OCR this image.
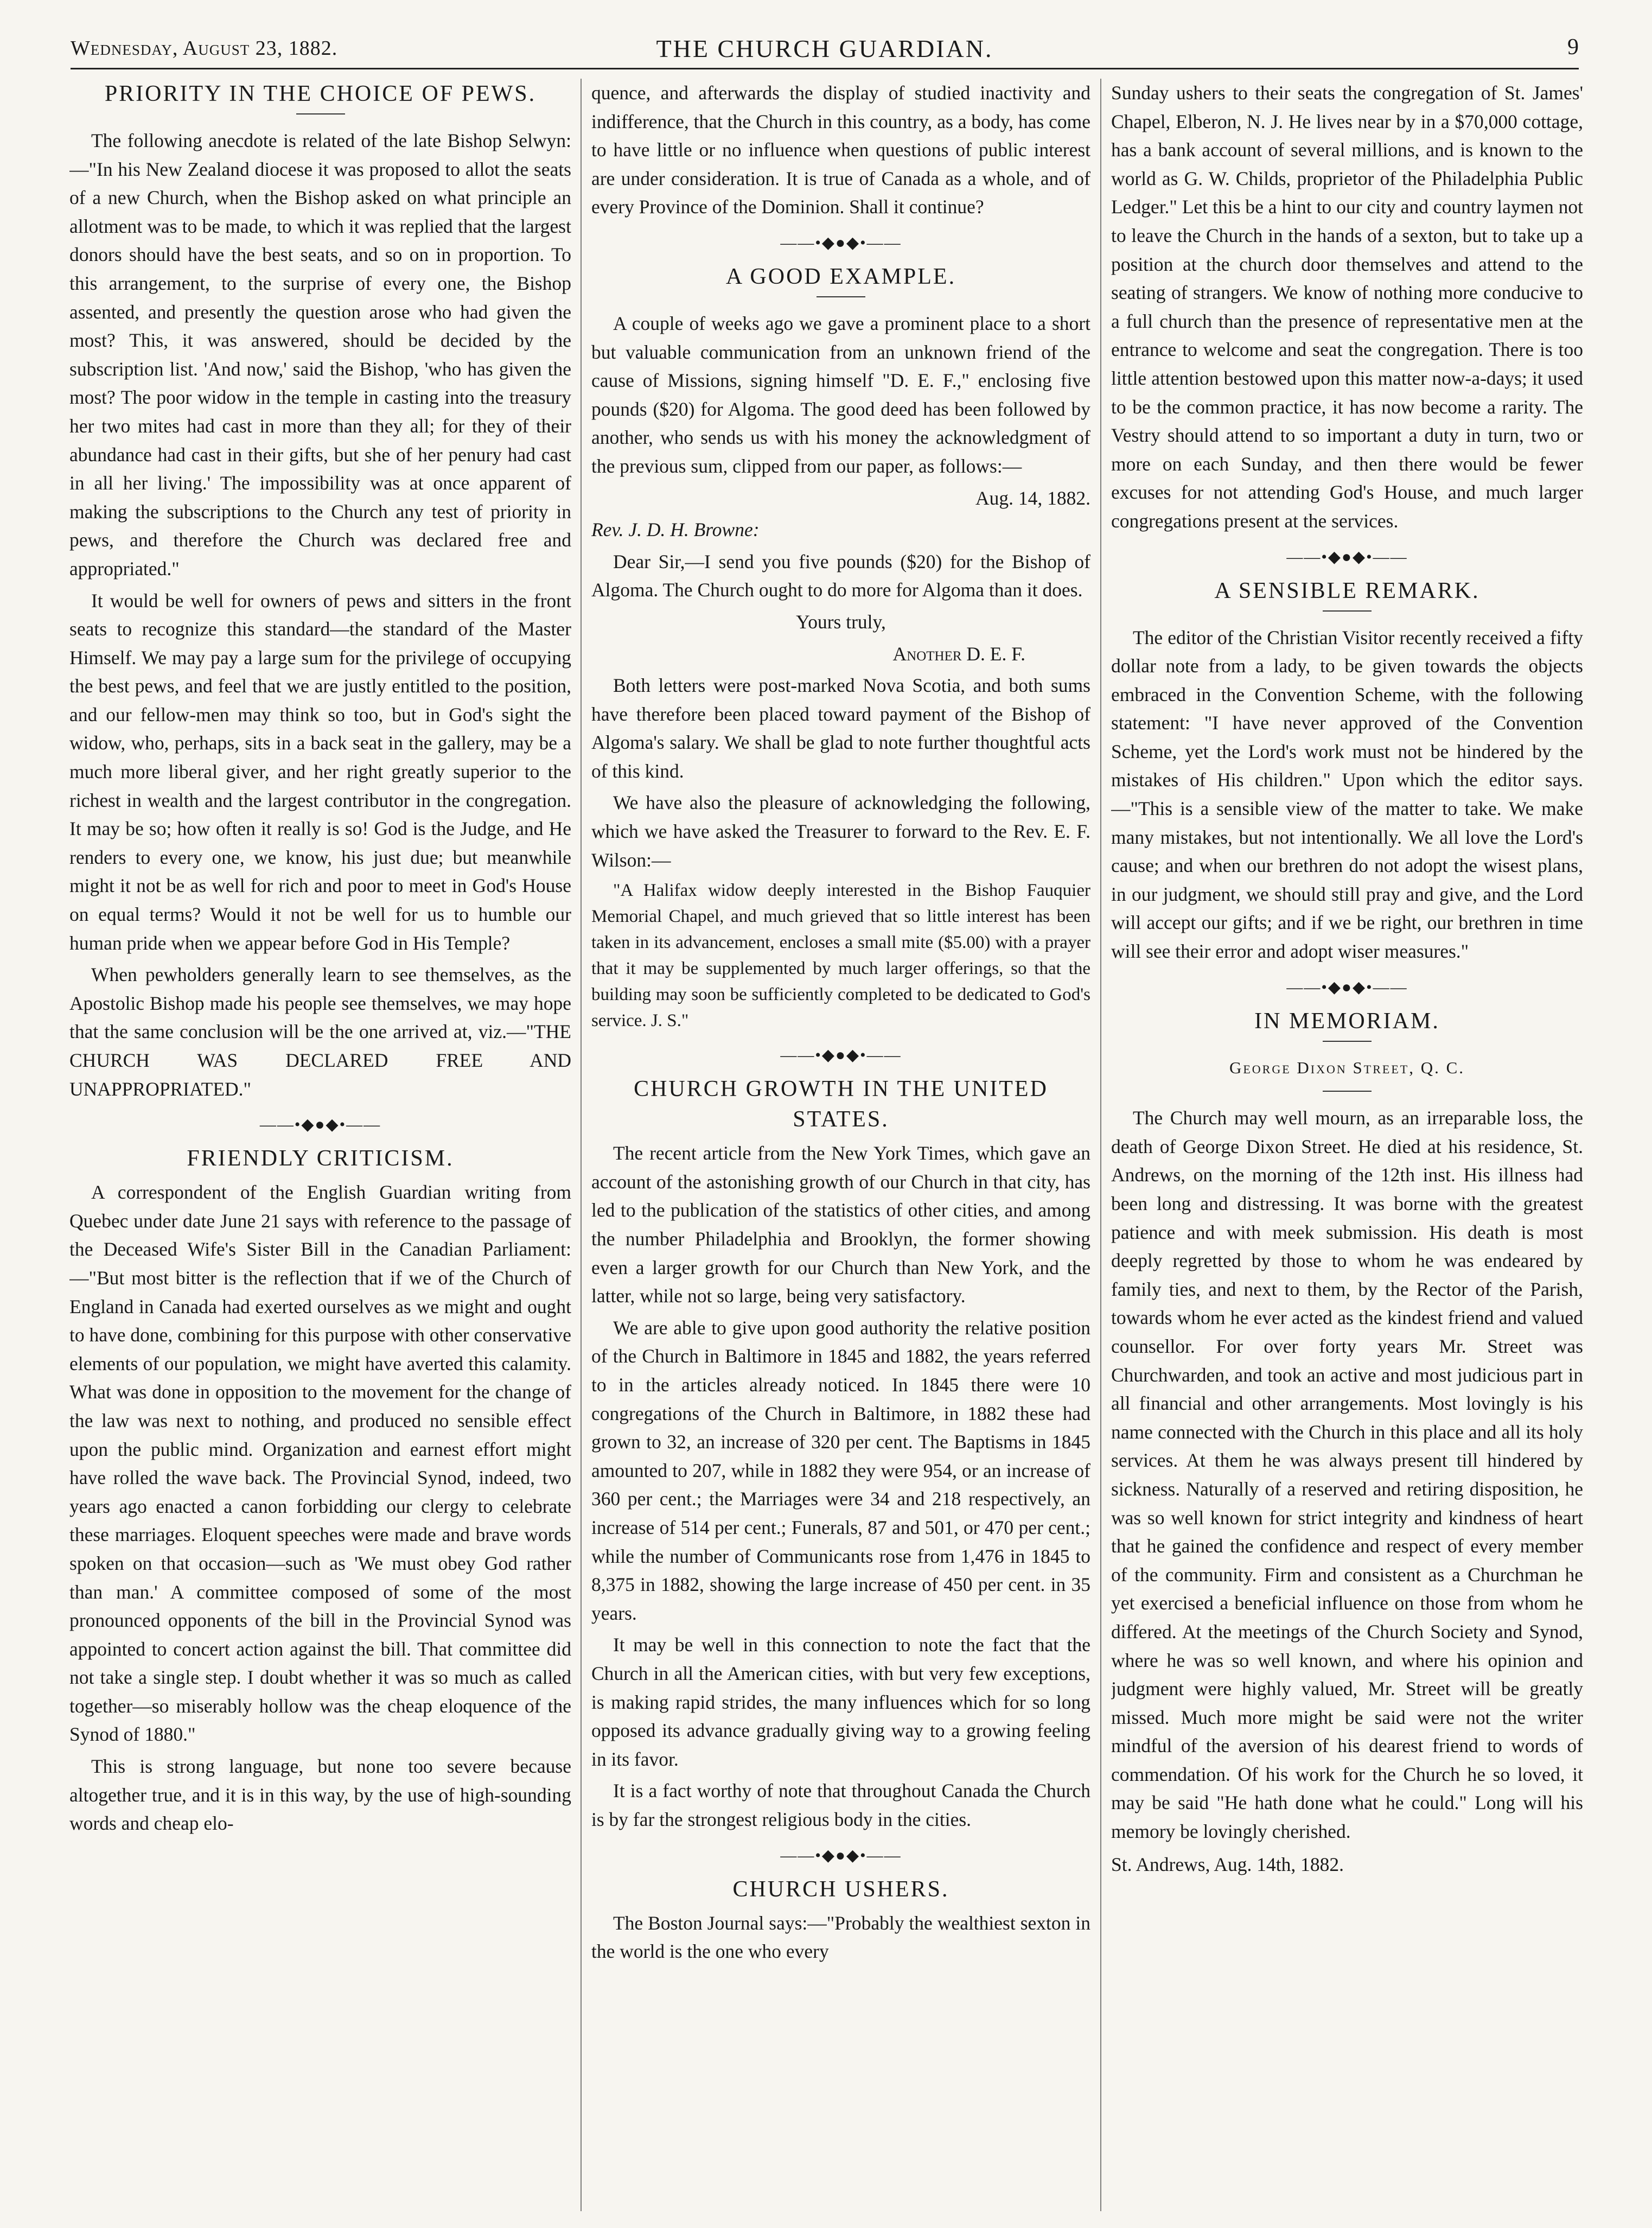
Wednesday, August 23, 1882.	THE CHURCH GUARDIAN.	9
PRIORITY IN THE CHOICE OF PEWS.

The following anecdote is related of the late Bishop Selwyn:—"In his New Zealand diocese it was proposed to allot the seats of a new Church, when the Bishop asked on what principle an allotment was to be made, to which it was replied that the largest donors should have the best seats, and so on in proportion. To this arrangement, to the surprise of every one, the Bishop assented, and presently the question arose who had given the most? This, it was answered, should be decided by the subscription list. 'And now,' said the Bishop, 'who has given the most? The poor widow in the temple in casting into the treasury her two mites had cast in more than they all; for they of their abundance had cast in their gifts, but she of her penury had cast in all her living.' The impossibility was at once apparent of making the subscriptions to the Church any test of priority in pews, and therefore the Church was declared free and appropriated."

It would be well for owners of pews and sitters in the front seats to recognize this standard—the standard of the Master Himself. We may pay a large sum for the privilege of occupying the best pews, and feel that we are justly entitled to the position, and our fellow-men may think so too, but in God's sight the widow, who, perhaps, sits in a back seat in the gallery, may be a much more liberal giver, and her right greatly superior to the richest in wealth and the largest contributor in the congregation. It may be so; how often it really is so! God is the Judge, and He renders to every one, we know, his just due; but meanwhile might it not be as well for rich and poor to meet in God's House on equal terms? Would it not be well for us to humble our human pride when we appear before God in His Temple?

When pewholders generally learn to see themselves, as the Apostolic Bishop made his people see themselves, we may hope that the same conclusion will be the one arrived at, viz.—"THE CHURCH WAS DECLARED FREE AND UNAPPROPRIATED."

——•◆●◆•——
FRIENDLY CRITICISM.

A correspondent of the English Guardian writing from Quebec under date June 21 says with reference to the passage of the Deceased Wife's Sister Bill in the Canadian Parliament:—"But most bitter is the reflection that if we of the Church of England in Canada had exerted ourselves as we might and ought to have done, combining for this purpose with other conservative elements of our population, we might have averted this calamity. What was done in opposition to the movement for the change of the law was next to nothing, and produced no sensible effect upon the public mind. Organization and earnest effort might have rolled the wave back. The Provincial Synod, indeed, two years ago enacted a canon forbidding our clergy to celebrate these marriages. Eloquent speeches were made and brave words spoken on that occasion—such as 'We must obey God rather than man.' A committee composed of some of the most pronounced opponents of the bill in the Provincial Synod was appointed to concert action against the bill. That committee did not take a single step. I doubt whether it was so much as called together—so miserably hollow was the cheap eloquence of the Synod of 1880."

This is strong language, but none too severe because altogether true, and it is in this way, by the use of high-sounding words and cheap elo-

quence, and afterwards the display of studied inactivity and indifference, that the Church in this country, as a body, has come to have little or no influence when questions of public interest are under consideration. It is true of Canada as a whole, and of every Province of the Dominion. Shall it continue?

——•◆●◆•——
A GOOD EXAMPLE.

A couple of weeks ago we gave a prominent place to a short but valuable communication from an unknown friend of the cause of Missions, signing himself "D. E. F.," enclosing five pounds ($20) for Algoma. The good deed has been followed by another, who sends us with his money the acknowledgment of the previous sum, clipped from our paper, as follows:—

Aug. 14, 1882.

Rev. J. D. H. Browne:

Dear Sir,—I send you five pounds ($20) for the Bishop of Algoma. The Church ought to do more for Algoma than it does.

Yours truly,

Another D. E. F.

Both letters were post-marked Nova Scotia, and both sums have therefore been placed toward payment of the Bishop of Algoma's salary. We shall be glad to note further thoughtful acts of this kind.

We have also the pleasure of acknowledging the following, which we have asked the Treasurer to forward to the Rev. E. F. Wilson:—

"A Halifax widow deeply interested in the Bishop Fauquier Memorial Chapel, and much grieved that so little interest has been taken in its advancement, encloses a small mite ($5.00) with a prayer that it may be supplemented by much larger offerings, so that the building may soon be sufficiently completed to be dedicated to God's service. J. S."

——•◆●◆•——
CHURCH GROWTH IN THE UNITED STATES.

The recent article from the New York Times, which gave an account of the astonishing growth of our Church in that city, has led to the publication of the statistics of other cities, and among the number Philadelphia and Brooklyn, the former showing even a larger growth for our Church than New York, and the latter, while not so large, being very satisfactory.

We are able to give upon good authority the relative position of the Church in Baltimore in 1845 and 1882, the years referred to in the articles already noticed. In 1845 there were 10 congregations of the Church in Baltimore, in 1882 these had grown to 32, an increase of 320 per cent. The Baptisms in 1845 amounted to 207, while in 1882 they were 954, or an increase of 360 per cent.; the Marriages were 34 and 218 respectively, an increase of 514 per cent.; Funerals, 87 and 501, or 470 per cent.; while the number of Communicants rose from 1,476 in 1845 to 8,375 in 1882, showing the large increase of 450 per cent. in 35 years.

It may be well in this connection to note the fact that the Church in all the American cities, with but very few exceptions, is making rapid strides, the many influences which for so long opposed its advance gradually giving way to a growing feeling in its favor.

It is a fact worthy of note that throughout Canada the Church is by far the strongest religious body in the cities.

——•◆●◆•——
CHURCH USHERS.

The Boston Journal says:—"Probably the wealthiest sexton in the world is the one who every

Sunday ushers to their seats the congregation of St. James' Chapel, Elberon, N. J. He lives near by in a $70,000 cottage, has a bank account of several millions, and is known to the world as G. W. Childs, proprietor of the Philadelphia Public Ledger." Let this be a hint to our city and country laymen not to leave the Church in the hands of a sexton, but to take up a position at the church door themselves and attend to the seating of strangers. We know of nothing more conducive to a full church than the presence of representative men at the entrance to welcome and seat the congregation. There is too little attention bestowed upon this matter now-a-days; it used to be the common practice, it has now become a rarity. The Vestry should attend to so important a duty in turn, two or more on each Sunday, and then there would be fewer excuses for not attending God's House, and much larger congregations present at the services.

——•◆●◆•——
A SENSIBLE REMARK.

The editor of the Christian Visitor recently received a fifty dollar note from a lady, to be given towards the objects embraced in the Convention Scheme, with the following statement: "I have never approved of the Convention Scheme, yet the Lord's work must not be hindered by the mistakes of His children." Upon which the editor says.—"This is a sensible view of the matter to take. We make many mistakes, but not intentionally. We all love the Lord's cause; and when our brethren do not adopt the wisest plans, in our judgment, we should still pray and give, and the Lord will accept our gifts; and if we be right, our brethren in time will see their error and adopt wiser measures."

——•◆●◆•——
IN MEMORIAM.
George Dixon Street, Q. C.

The Church may well mourn, as an irreparable loss, the death of George Dixon Street. He died at his residence, St. Andrews, on the morning of the 12th inst. His illness had been long and distressing. It was borne with the greatest patience and with meek submission. His death is most deeply regretted by those to whom he was endeared by family ties, and next to them, by the Rector of the Parish, towards whom he ever acted as the kindest friend and valued counsellor. For over forty years Mr. Street was Churchwarden, and took an active and most judicious part in all financial and other arrangements. Most lovingly is his name connected with the Church in this place and all its holy services. At them he was always present till hindered by sickness. Naturally of a reserved and retiring disposition, he was so well known for strict integrity and kindness of heart that he gained the confidence and respect of every member of the community. Firm and consistent as a Churchman he yet exercised a beneficial influence on those from whom he differed. At the meetings of the Church Society and Synod, where he was so well known, and where his opinion and judgment were highly valued, Mr. Street will be greatly missed. Much more might be said were not the writer mindful of the aversion of his dearest friend to words of commendation. Of his work for the Church he so loved, it may be said "He hath done what he could." Long will his memory be lovingly cherished.

St. Andrews, Aug. 14th, 1882.
